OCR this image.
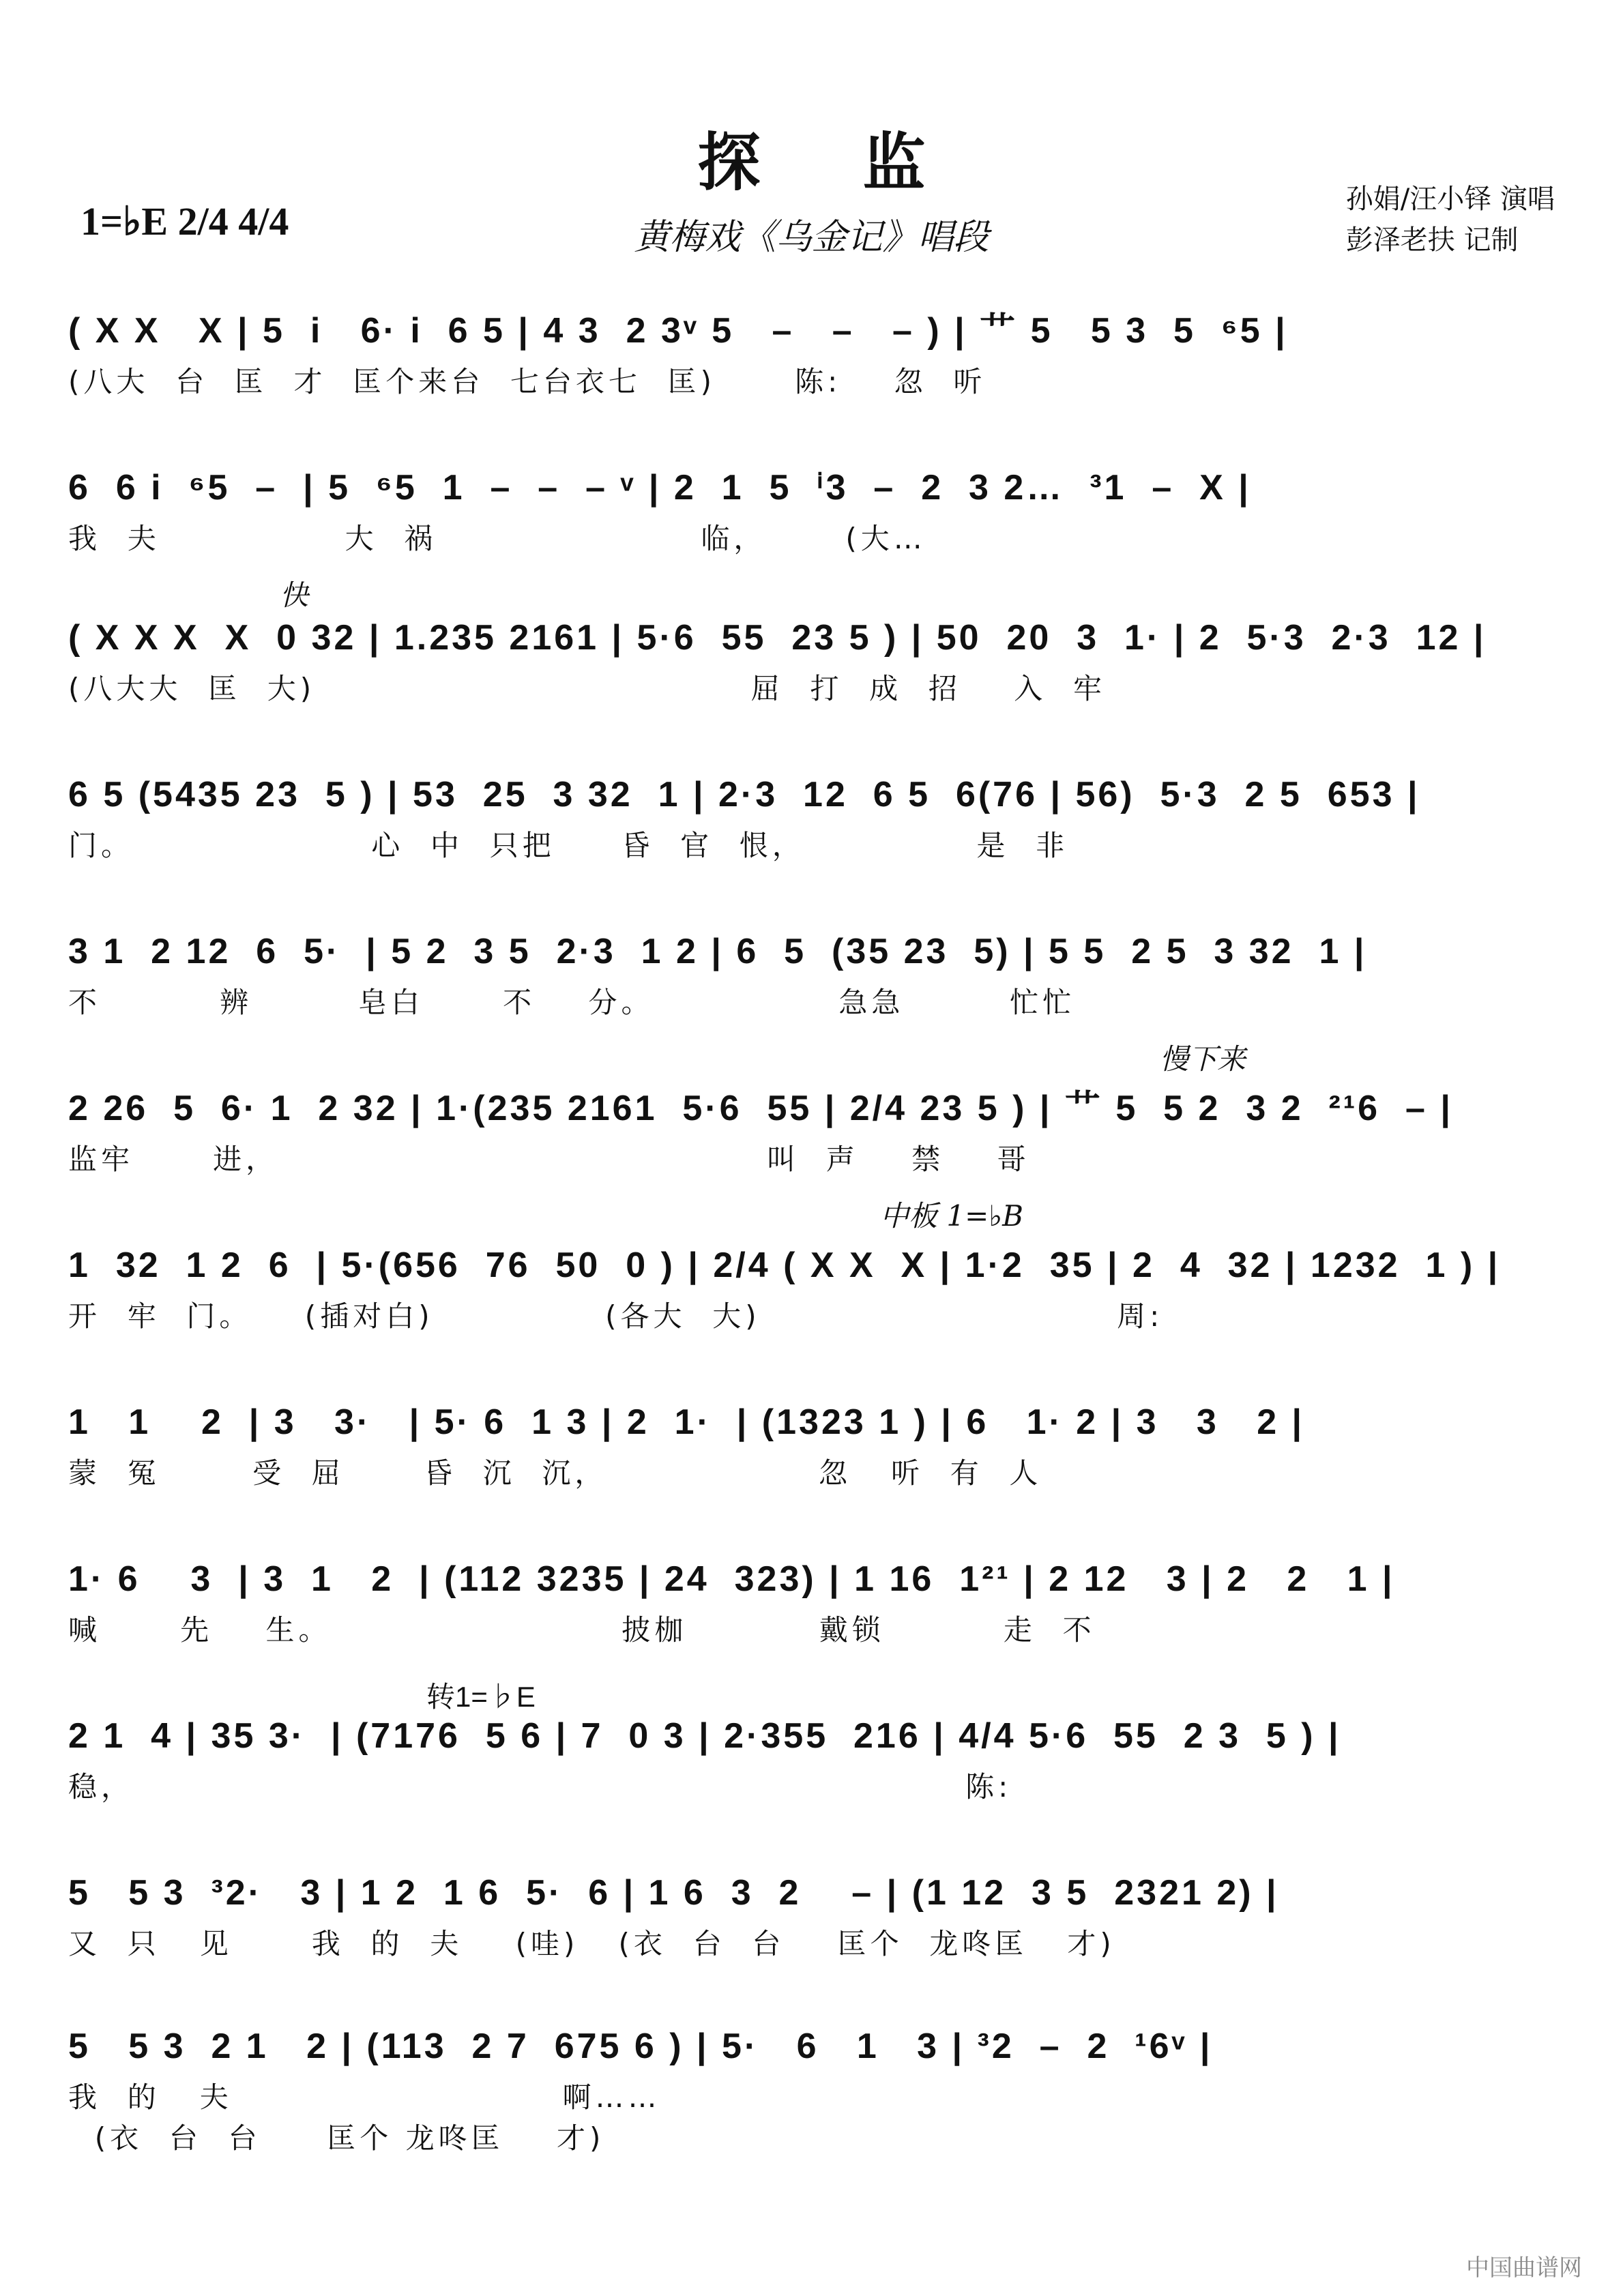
探监
1=♭E 2/4 4/4	黄梅戏《乌金记》唱段
孙娟/汪小铎 演唱
彭泽老扶 记制
快
慢下来
中板 1=♭B
转1=♭E
( X X   X | 5  i   6· i  6 5 | 4 3  2 3ᵛ 5   –   –   – ) | 艹 5   5 3  5  ⁶5 |
(八大  台  匡  才  匡个来台  七台衣七  匡)      陈:    忽  听
6  6 i  ⁶5  –  | 5  ⁶5  1  –  –  – ᵛ | 2  1  5  ⁱ3  –  2  3 2…  ³1  –  X |
我  夫              大  祸                    临，      (大…
( X X X  X  0 32 | 1.235 2161 | 5·6  55  23 5 ) | 50  20  3  1· | 2  5·3  2·3  12 |
(八大大  匡  大)                                 屈  打  成  招    入  牢
6 5 (5435 23  5 ) | 53  25  3 32  1 | 2·3  12  6 5  6(76 | 56)  5·3  2 5  653 |
门。                  心  中  只把     昏  官  恨，             是  非
3 1  2 12  6  5·  | 5 2  3 5  2·3  1 2 | 6  5  (35 23  5) | 5 5  2 5  3 32  1 |
不         辨        皂白      不    分。              急急        忙忙
2 26  5  6· 1  2 32 | 1·(235 2161  5·6  55 | 2/4 23 5 ) | 艹 5  5 2  3 2  ²¹6  – |
监牢      进，                                     叫  声    禁    哥
1  32  1 2  6  | 5·(656  76  50  0 ) | 2/4 ( X X  X | 1·2  35 | 2  4  32 | 1232  1 ) |
开  牢  门。    (插对白)             (各大  大)                           周:
1   1    2  | 3   3·   | 5· 6  1 3 | 2  1·  | (1323 1 ) | 6   1· 2 | 3   3   2 |
蒙  冤       受  屈      昏  沉  沉，                忽   听  有  人
1· 6    3  | 3  1   2  | (112 3235 | 24  323) | 1 16  1²¹ | 2 12   3 | 2   2   1 |
喊      先    生。                      披枷          戴锁         走  不
2 1  4 | 35 3·  | (7176  5 6 | 7  0 3 | 2·355  216 | 4/4 5·6  55  2 3  5 ) |
稳，                                                               陈:
5   5 3  ³2·   3 | 1 2  1 6  5·  6 | 1 6  3  2    – | (1 12  3 5  2321 2) |
又  只   见      我  的  夫    (哇)   (衣  台  台    匡个  龙咚匡   才)
5   5 3  2 1   2 | (113  2 7  675 6 ) | 5·   6   1   3 | ³2  –  2  ¹6ᵛ |
我  的   夫                         啊……
(衣  台  台     匡个 龙咚匡    才)
中国曲谱网
